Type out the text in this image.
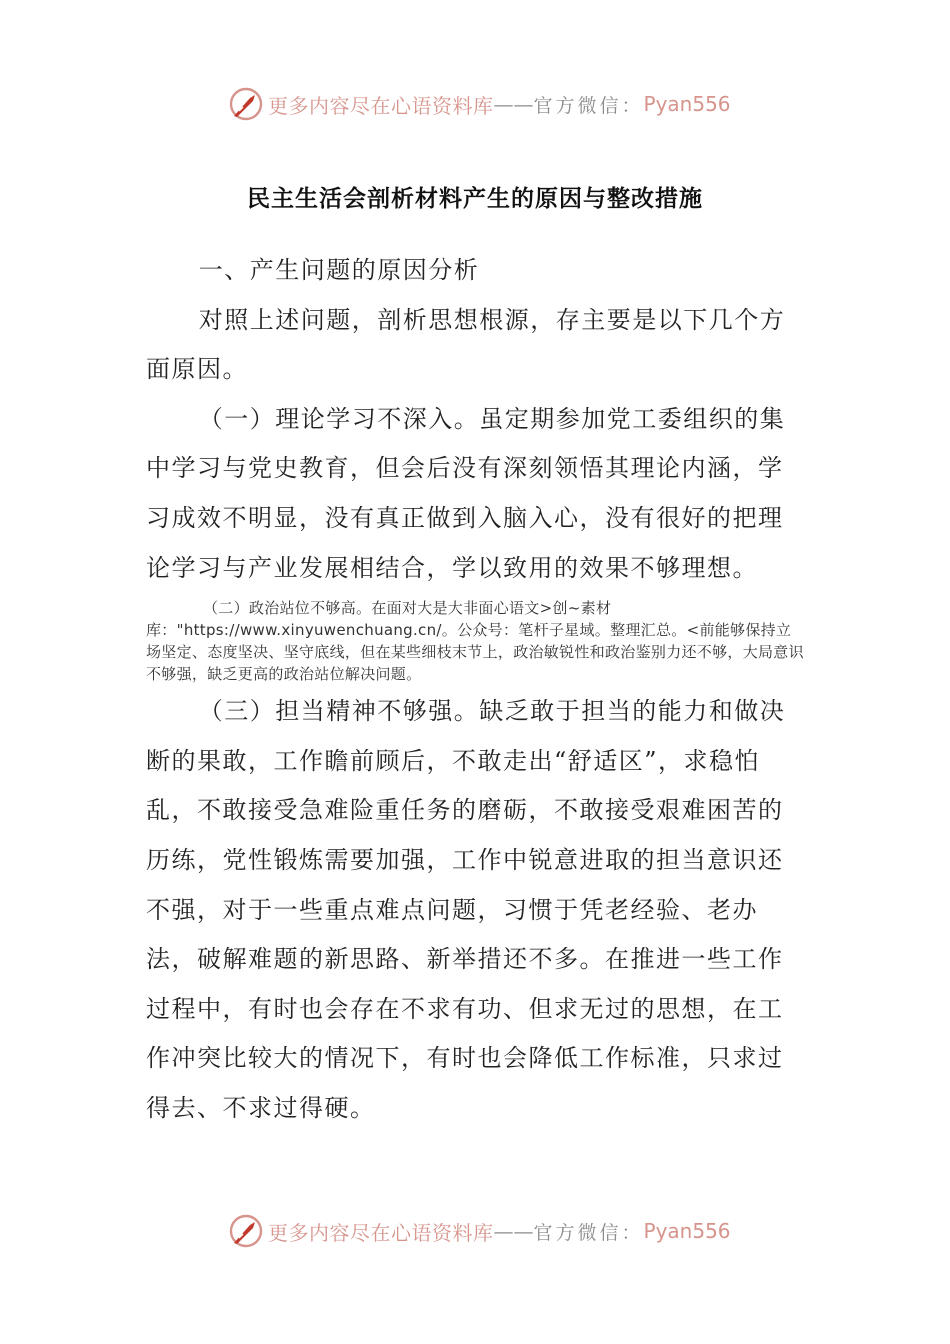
更多内容尽在心语资料库 —— 官方微信： Pyan556
民主生活会剖析材料产生的原因与整改措施

一、产生问题的原因分析

对照上述问题，剖析思想根源，存主要是以下几个方面原因。

（一）理论学习不深入。虽定期参加党工委组织的集中学习与党史教育，但会后没有深刻领悟其理论内涵，学习成效不明显，没有真正做到入脑入心，没有很好的把理论学习与产业发展相结合，学以致用的效果不够理想。

（二）政治站位不够高。在面对大是大非面心语文>创~素材库："https://www.xinyuwenchuang.cn/。公众号：笔杆子星域。整理汇总。<前能够保持立场坚定、态度坚决、坚守底线，但在某些细枝末节上，政治敏锐性和政治鉴别力还不够，大局意识不够强，缺乏更高的政治站位解决问题。

（三）担当精神不够强。缺乏敢于担当的能力和做决断的果敢，工作瞻前顾后，不敢走出“舒适区”，求稳怕乱，不敢接受急难险重任务的磨砺，不敢接受艰难困苦的历练，党性锻炼需要加强，工作中锐意进取的担当意识还不强，对于一些重点难点问题，习惯于凭老经验、老办法，破解难题的新思路、新举措还不多。在推进一些工作过程中，有时也会存在不求有功、但求无过的思想，在工作冲突比较大的情况下，有时也会降低工作标准，只求过得去、不求过得硬。

更多内容尽在心语资料库 —— 官方微信： Pyan556
